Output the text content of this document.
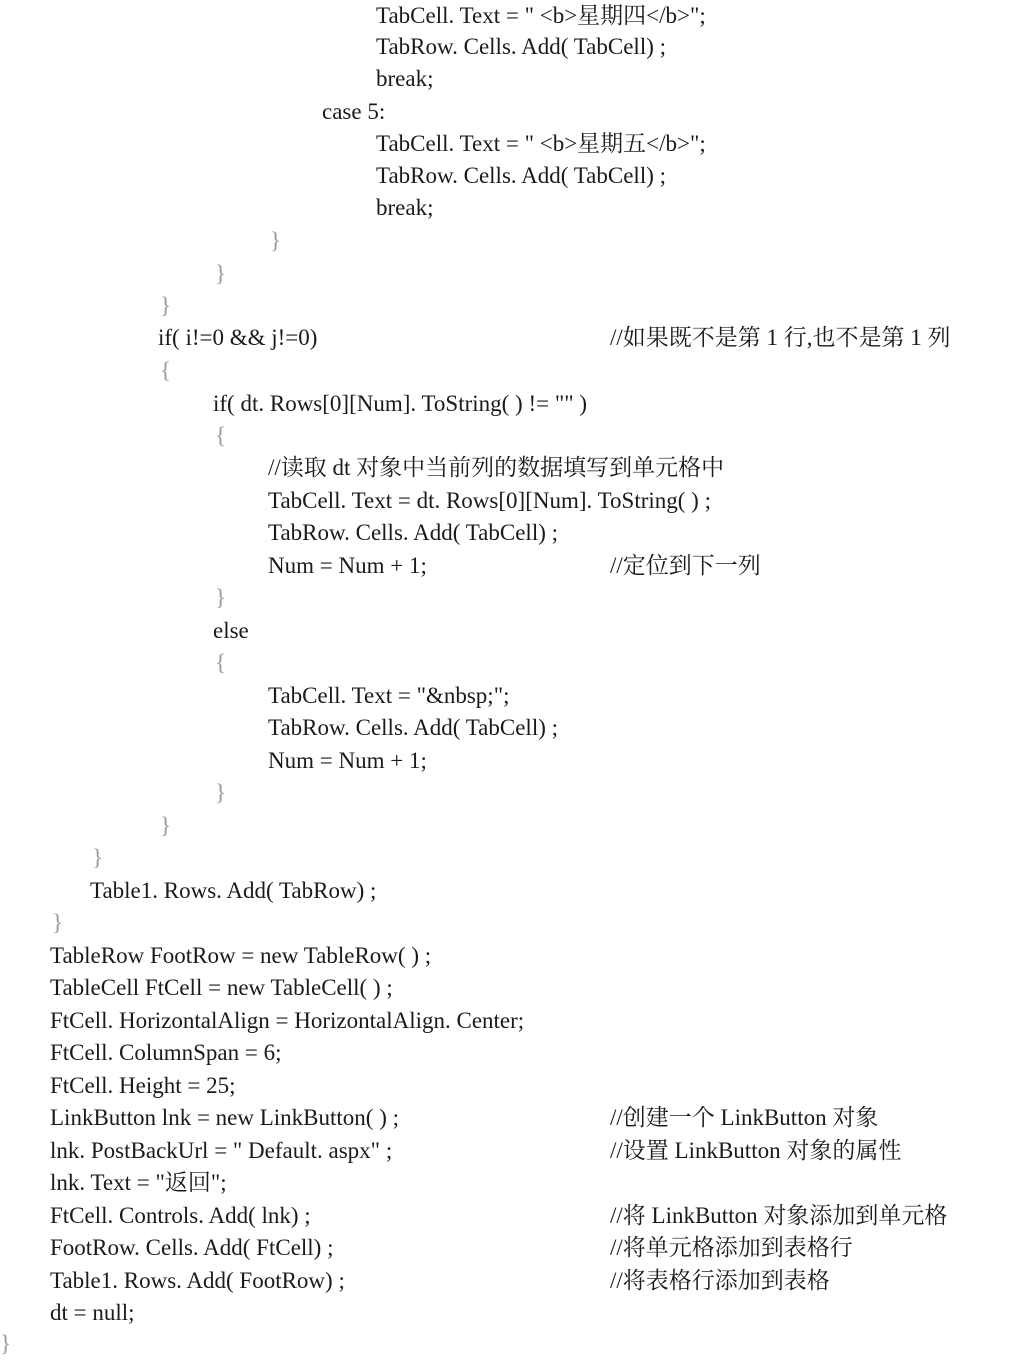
TabCell. Text = " <b>星期四</b>";
TabRow. Cells. Add( TabCell) ;
break;
case 5:
TabCell. Text = " <b>星期五</b>";
TabRow. Cells. Add( TabCell) ;
break;
}
}
}
if( i!=0 && j!=0)	//如果既不是第 1 行,也不是第 1 列
{
if( dt. Rows[0][Num]. ToString( ) != "" )
{
//读取 dt 对象中当前列的数据填写到单元格中
TabCell. Text = dt. Rows[0][Num]. ToString( ) ;
TabRow. Cells. Add( TabCell) ;
Num = Num + 1;	//定位到下一列
}
else
{
TabCell. Text = "&nbsp;";
TabRow. Cells. Add( TabCell) ;
Num = Num + 1;
}
}
}
Table1. Rows. Add( TabRow) ;
}
TableRow FootRow = new TableRow( ) ;
TableCell FtCell = new TableCell( ) ;
FtCell. HorizontalAlign = HorizontalAlign. Center;
FtCell. ColumnSpan = 6;
FtCell. Height = 25;
LinkButton lnk = new LinkButton( ) ;	//创建一个 LinkButton 对象
lnk. PostBackUrl = " Default. aspx" ;	//设置 LinkButton 对象的属性
lnk. Text = "返回";
FtCell. Controls. Add( lnk) ;	//将 LinkButton 对象添加到单元格
FootRow. Cells. Add( FtCell) ;	//将单元格添加到表格行
Table1. Rows. Add( FootRow) ;	//将表格行添加到表格
dt = null;
}
